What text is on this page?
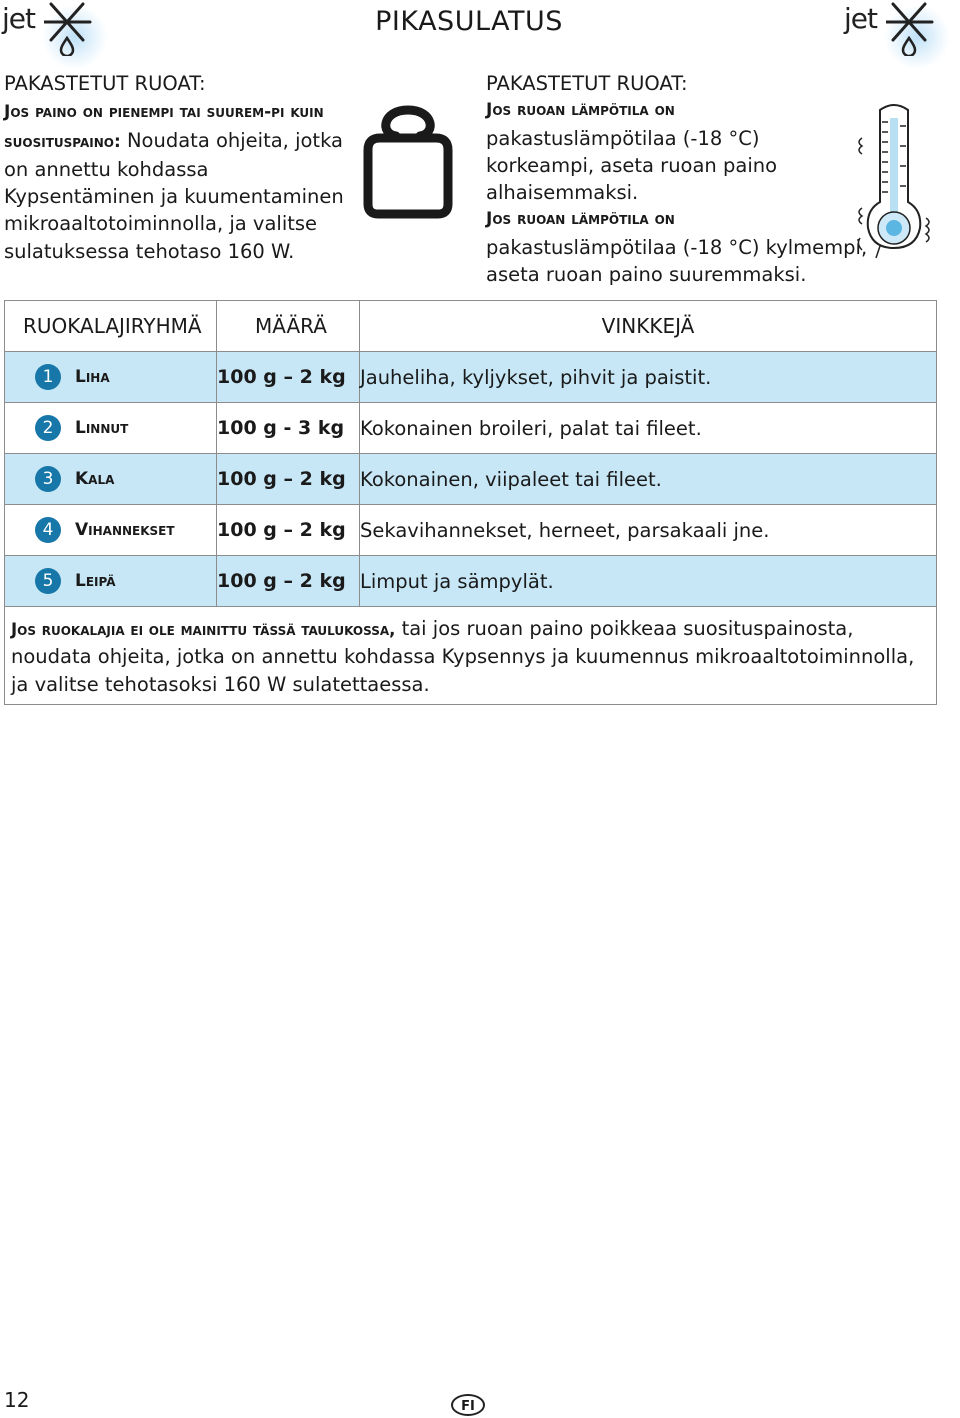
jet	jet
PIKASULATUS
PAKASTETUT RUOAT:
Jos paino on pienempi tai suurem-pi kuin suosituspaino: Noudata ohjeita, jotka on annettu kohdassa Kypsentäminen ja kuumentaminen mikroaaltotoiminnolla, ja valitse sulatuksessa tehotaso 160 W.
PAKASTETUT RUOAT:
Jos ruoan lämpötila on
pakastuslämpötilaa (-18 °C) korkeampi, aseta ruoan paino alhaisemmaksi.
Jos ruoan lämpötila on
pakastuslämpötilaa (-18 °C) kylmempi, aseta ruoan paino suuremmaksi.
RUOKALAJIRYHMÄ	MÄÄRÄ	VINKKEJÄ

1 Liha	100 g – 2 kg	Jauheliha, kyljykset, pihvit ja paistit.

2 Linnut	100 g - 3 kg	Kokonainen broileri, palat tai fileet.

3 Kala	100 g – 2 kg	Kokonainen, viipaleet tai fileet.

4 Vihannekset	100 g – 2 kg	Sekavihannekset, herneet, parsakaali jne.

5 Leipä	100 g – 2 kg	Limput ja sämpylät.
Jos ruokalajia ei ole mainittu tässä taulukossa, tai jos ruoan paino poikkeaa suosituspainosta, noudata ohjeita, jotka on annettu kohdassa Kypsennys ja kuumennus mikroaaltotoiminnolla, ja valitse tehotasoksi 160 W sulatettaessa.		
12	FI
